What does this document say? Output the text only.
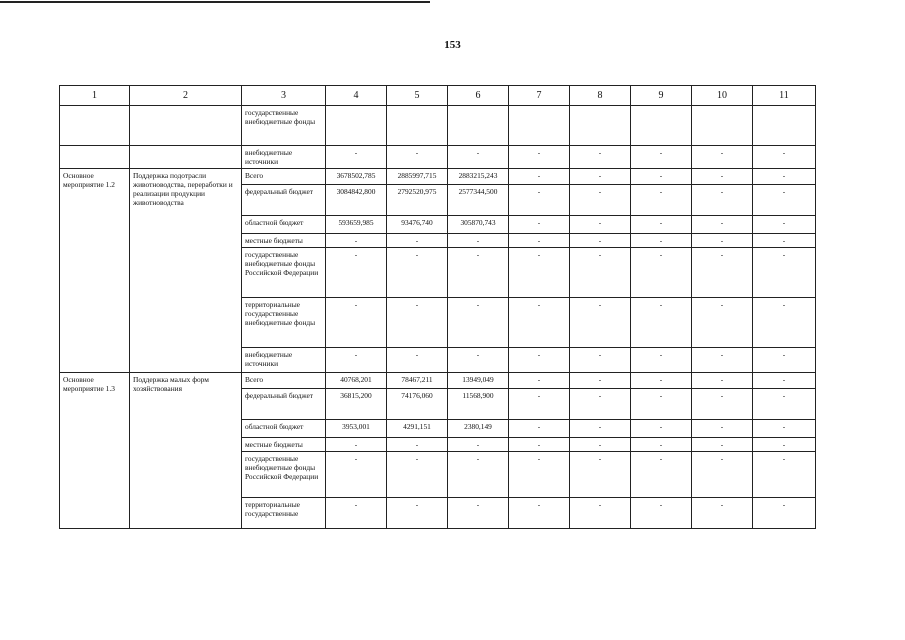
153
1	2	3	4	5	6	7	8	9	10	11
		государственные внебюджетные фонды								
		внебюджетные источники	-	-	-	-	-	-	-	-
Основное мероприятие 1.2	Поддержка подотрасли животноводства, переработки и реализации продукции животноводства	Всего	3678502,785	2885997,715	2883215,243	-	-	-	-	-
		федеральный бюджет	3084842,800	2792520,975	2577344,500	-	-	-	-	-
		областной бюджет	593659,985	93476,740	305870,743	-	-	-	-	-
		местные бюджеты	-	-	-	-	-	-	-	-
		государственные внебюджетные фонды Российской Федерации	-	-	-	-	-	-	-	-
		территориальные государственные внебюджетные фонды	-	-	-	-	-	-	-	-
		внебюджетные источники	-	-	-	-	-	-	-	-
Основное мероприятие 1.3	Поддержка малых форм хозяйствования	Всего	40768,201	78467,211	13949,049	-	-	-	-	-
		федеральный бюджет	36815,200	74176,060	11568,900	-	-	-	-	-
		областной бюджет	3953,001	4291,151	2380,149	-	-	-	-	-
		местные бюджеты	-	-	-	-	-	-	-	-
		государственные внебюджетные фонды Российской Федерации	-	-	-	-	-	-	-	-
		территориальные государственные	-	-	-	-	-	-	-	-
